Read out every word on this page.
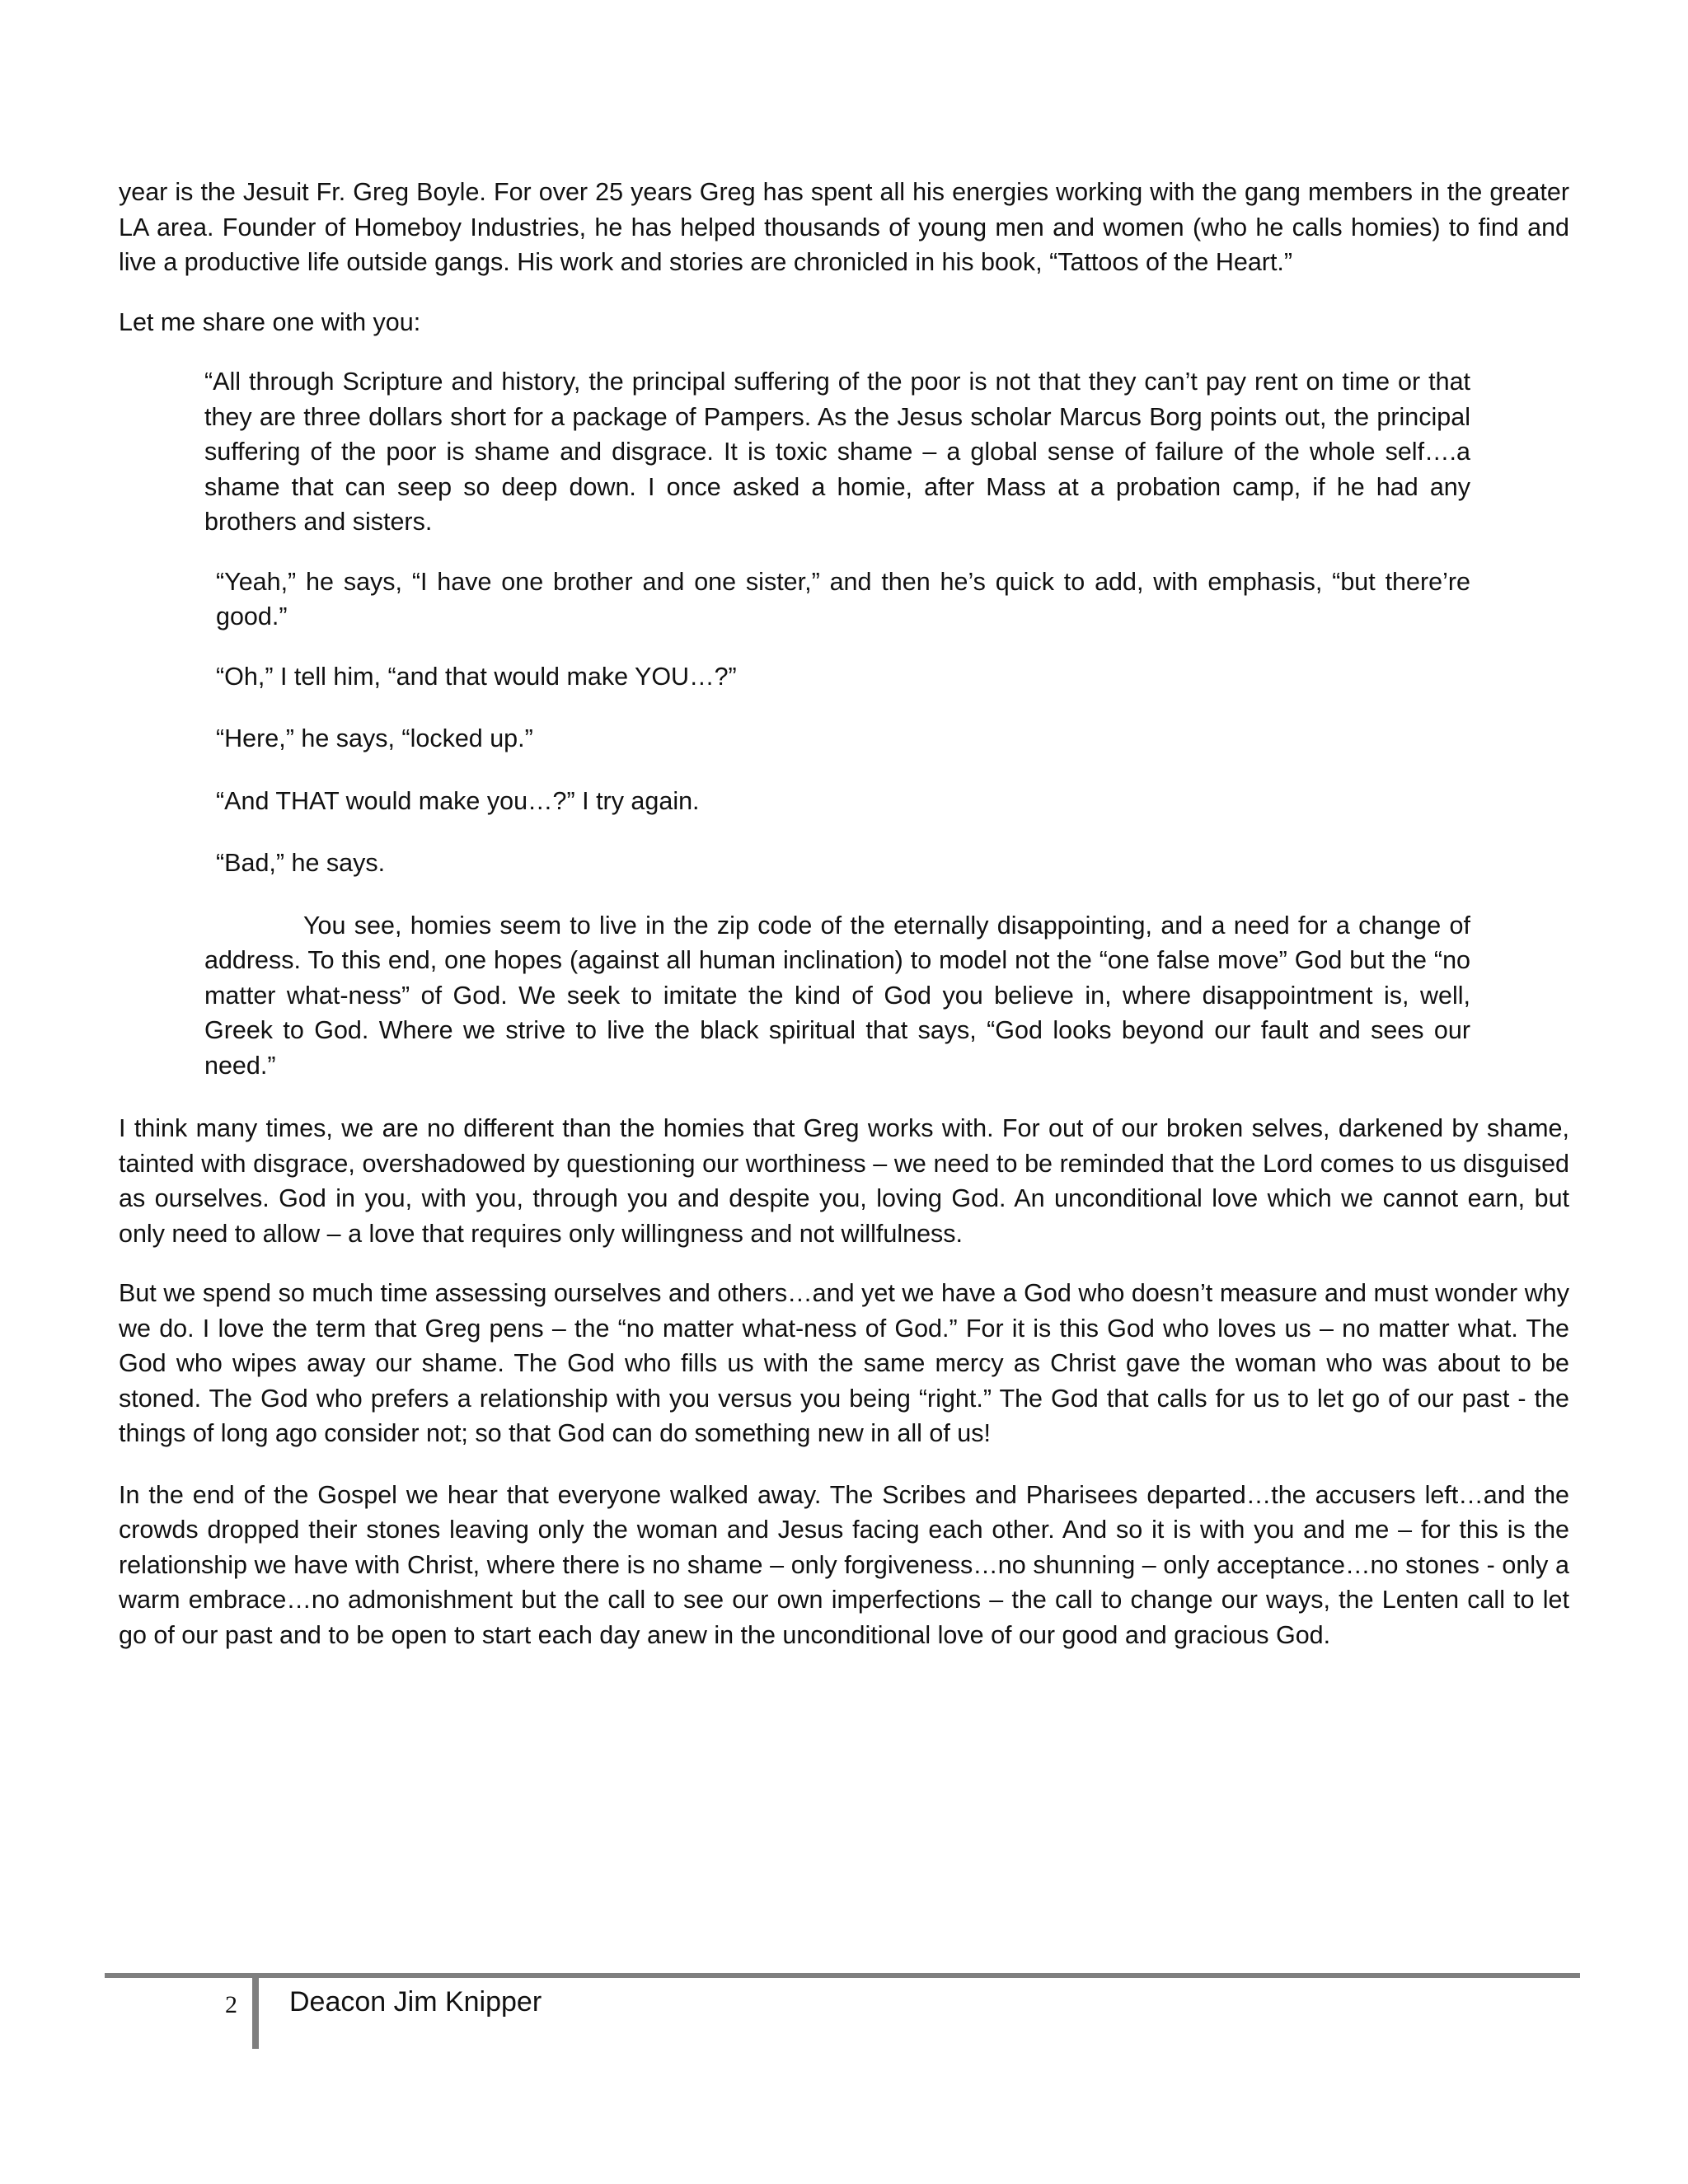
year is the Jesuit Fr. Greg Boyle. For over 25 years Greg has spent all his energies working with the gang members in the greater LA area. Founder of Homeboy Industries, he has helped thousands of young men and women (who he calls homies) to find and live a productive life outside gangs. His work and stories are chronicled in his book, “Tattoos of the Heart.”

Let me share one with you:

“All through Scripture and history, the principal suffering of the poor is not that they can’t pay rent on time or that they are three dollars short for a package of Pampers. As the Jesus scholar Marcus Borg points out, the principal suffering of the poor is shame and disgrace. It is toxic shame – a global sense of failure of the whole self….a shame that can seep so deep down. I once asked a homie, after Mass at a probation camp, if he had any brothers and sisters.

“Yeah,” he says, “I have one brother and one sister,” and then he’s quick to add, with emphasis, “but there’re good.”

“Oh,” I tell him, “and that would make YOU…?”

“Here,” he says, “locked up.”

“And THAT would make you…?” I try again.

“Bad,” he says.

You see, homies seem to live in the zip code of the eternally disappointing, and a need for a change of address. To this end, one hopes (against all human inclination) to model not the “one false move” God but the “no matter what-ness” of God. We seek to imitate the kind of God you believe in, where disappointment is, well, Greek to God. Where we strive to live the black spiritual that says, “God looks beyond our fault and sees our need.”

I think many times, we are no different than the homies that Greg works with. For out of our broken selves, darkened by shame, tainted with disgrace, overshadowed by questioning our worthiness – we need to be reminded that the Lord comes to us disguised as ourselves. God in you, with you, through you and despite you, loving God. An unconditional love which we cannot earn, but only need to allow – a love that requires only willingness and not willfulness.

But we spend so much time assessing ourselves and others…and yet we have a God who doesn’t measure and must wonder why we do. I love the term that Greg pens – the “no matter what-ness of God.” For it is this God who loves us – no matter what. The God who wipes away our shame. The God who fills us with the same mercy as Christ gave the woman who was about to be stoned. The God who prefers a relationship with you versus you being “right.” The God that calls for us to let go of our past - the things of long ago consider not; so that God can do something new in all of us!

In the end of the Gospel we hear that everyone walked away. The Scribes and Pharisees departed…the accusers left…and the crowds dropped their stones leaving only the woman and Jesus facing each other. And so it is with you and me – for this is the relationship we have with Christ, where there is no shame – only forgiveness…no shunning – only acceptance…no stones - only a warm embrace…no admonishment but the call to see our own imperfections – the call to change our ways, the Lenten call to let go of our past and to be open to start each day anew in the unconditional love of our good and gracious God.

2 Deacon Jim Knipper
